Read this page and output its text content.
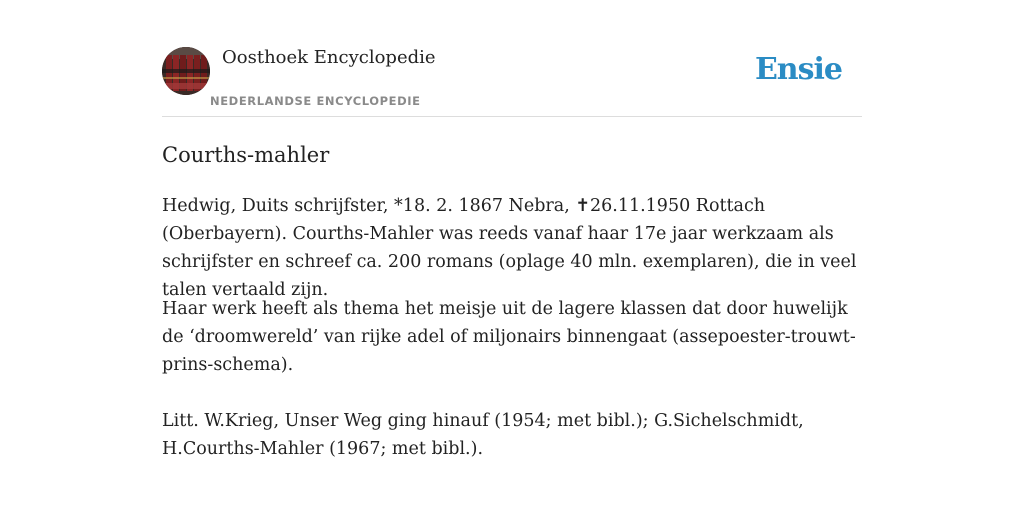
Oosthoek Encyclopedie
NEDERLANDSE ENCYCLOPEDIE
Ensie
Courths-mahler

Hedwig, Duits schrijfster, *18. 2. 1867 Nebra, ✝26.11.1950 Rottach (Oberbayern). Courths-Mahler was reeds vanaf haar 17e jaar werkzaam als schrijfster en schreef ca. 200 romans (oplage 40 mln. exemplaren), die in veel talen vertaald zijn.

Haar werk heeft als thema het meisje uit de lagere klassen dat door huwelijk de ‘droomwereld’ van rijke adel of miljonairs binnengaat (assepoester-trouwt-prins-schema).

Litt. W.Krieg, Unser Weg ging hinauf (1954; met bibl.); G.Sichelschmidt, H.Courths-Mahler (1967; met bibl.).
